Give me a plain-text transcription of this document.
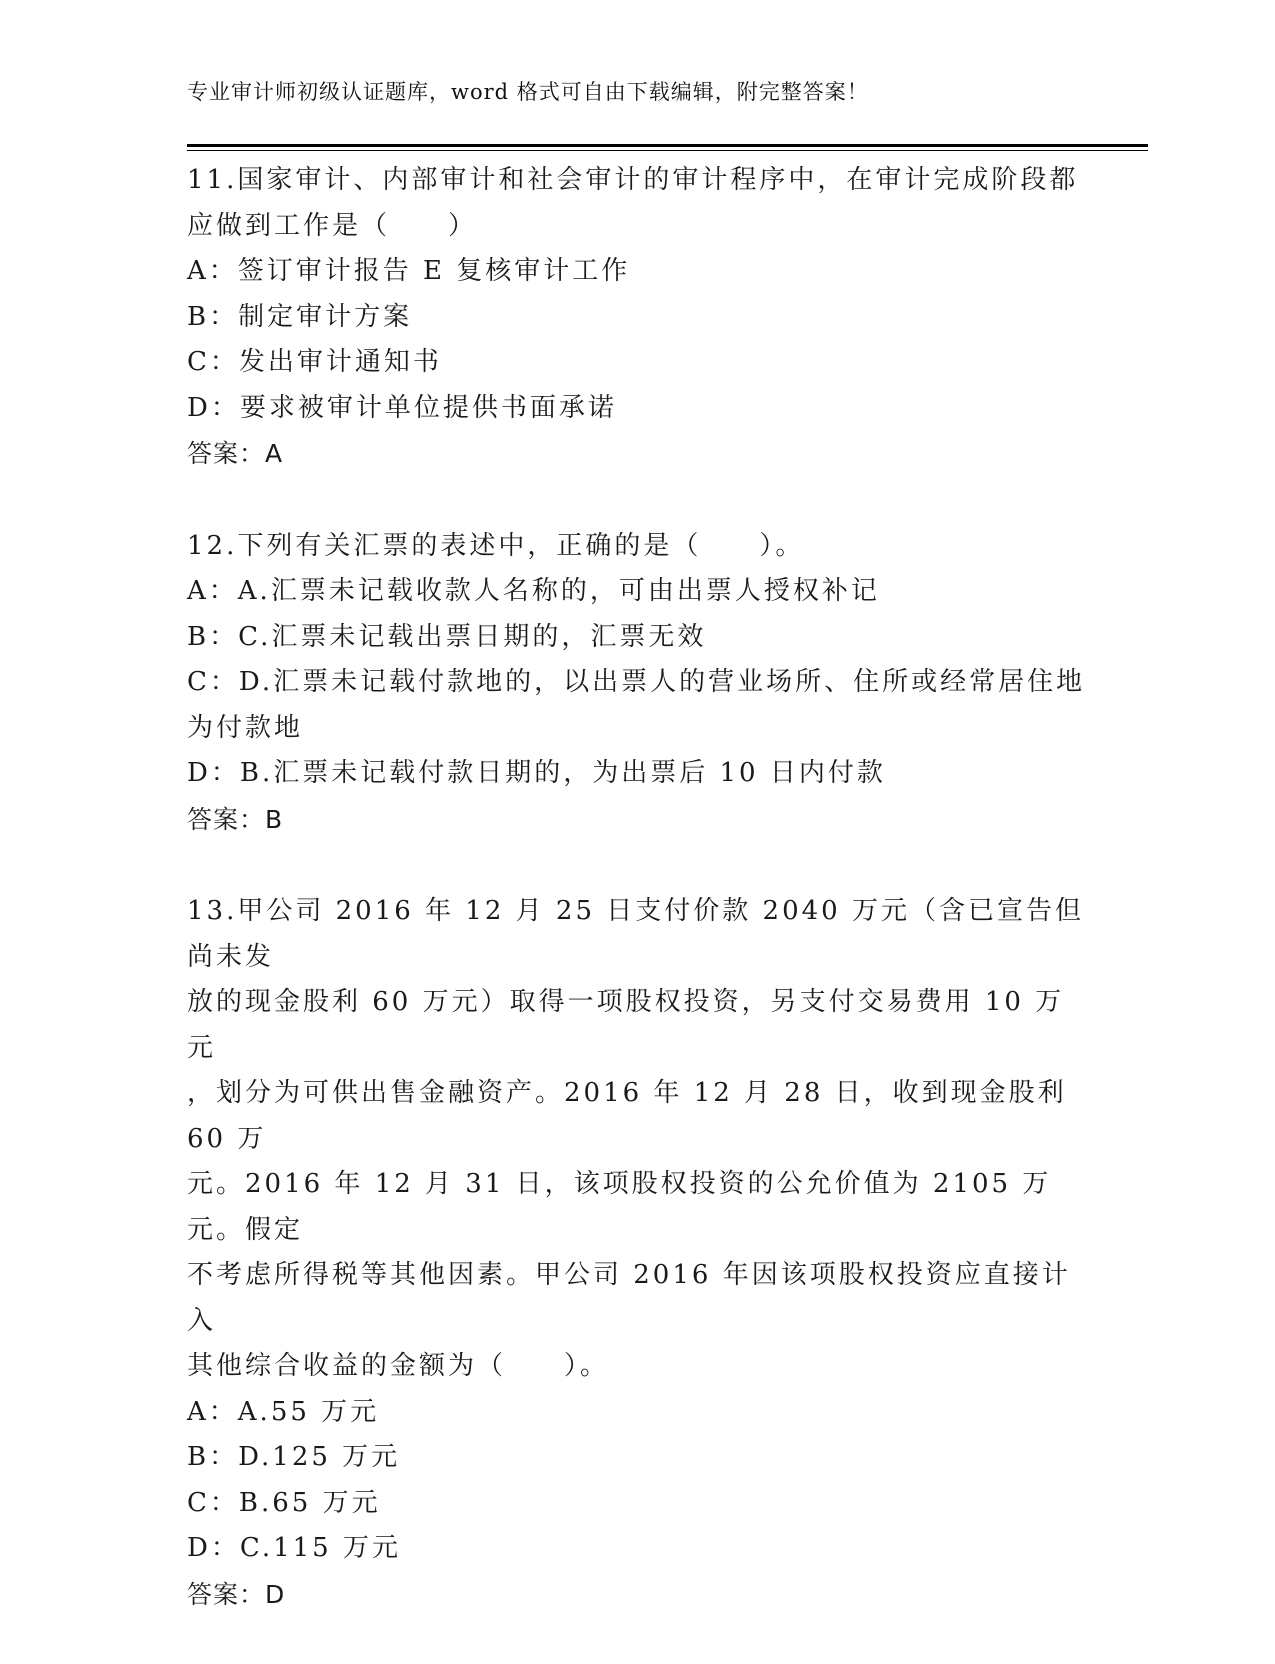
专业审计师初级认证题库，word 格式可自由下载编辑，附完整答案！
11.国家审计、内部审计和社会审计的审计程序中，在审计完成阶段都
应做到工作是（　　）
A：签订审计报告 E 复核审计工作
B：制定审计方案
C：发出审计通知书
D：要求被审计单位提供书面承诺
答案：A
12.下列有关汇票的表述中，正确的是（　　）。
A：A.汇票未记载收款人名称的，可由出票人授权补记
B：C.汇票未记载出票日期的，汇票无效
C：D.汇票未记载付款地的，以出票人的营业场所、住所或经常居住地
为付款地
D：B.汇票未记载付款日期的，为出票后 10 日内付款
答案：B
13.甲公司 2016 年 12 月 25 日支付价款 2040 万元（含已宣告但尚未发
放的现金股利 60 万元）取得一项股权投资，另支付交易费用 10 万元
，划分为可供出售金融资产。2016 年 12 月 28 日，收到现金股利 60 万
元。2016 年 12 月 31 日，该项股权投资的公允价值为 2105 万元。假定
不考虑所得税等其他因素。甲公司 2016 年因该项股权投资应直接计入
其他综合收益的金额为（　　）。
A：A.55 万元
B：D.125 万元
C：B.65 万元
D：C.115 万元
答案：D
